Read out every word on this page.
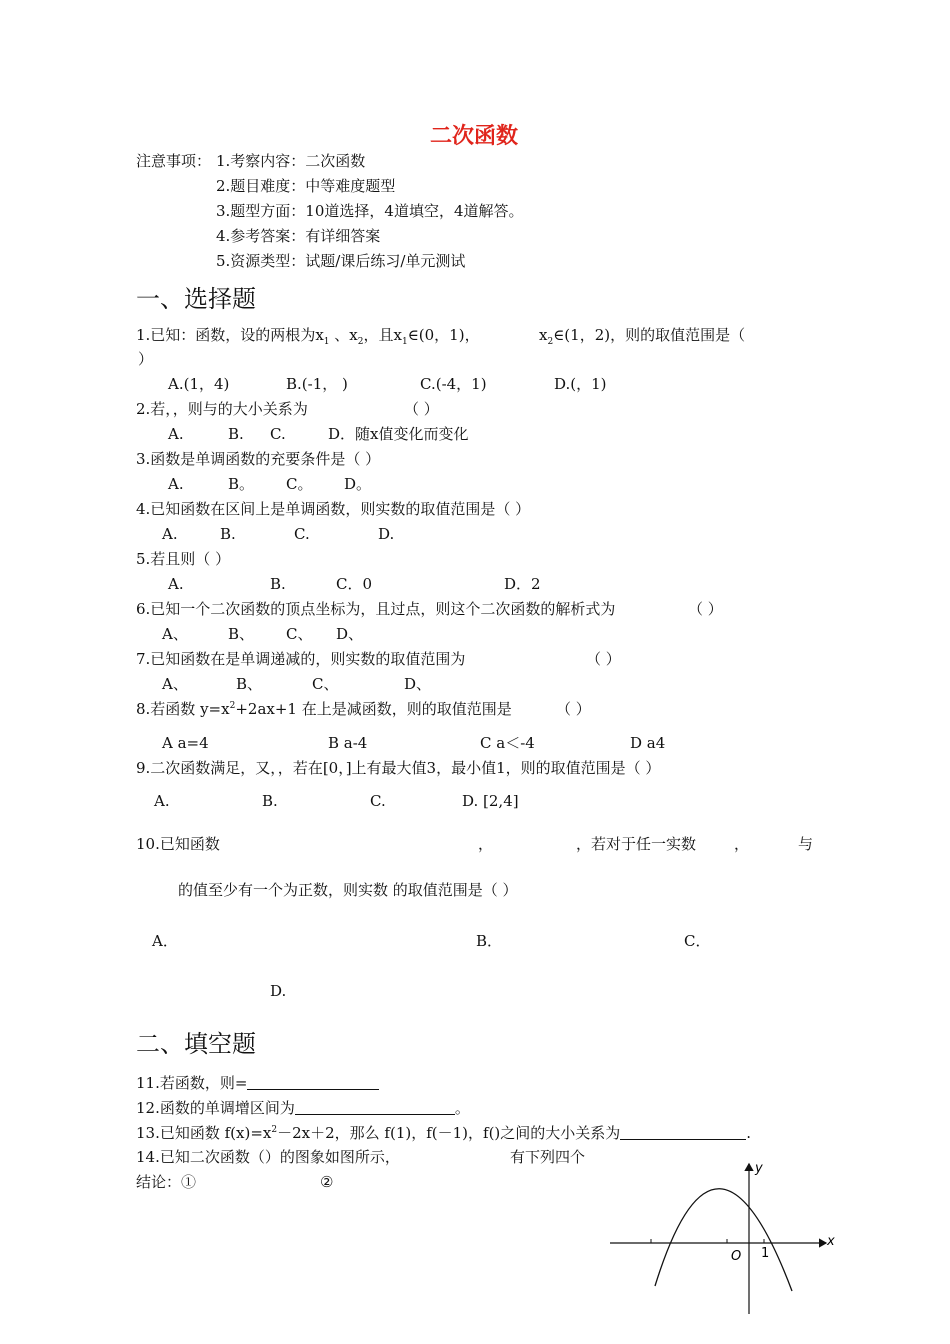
二次函数
注意事项： 1.考察内容：二次函数
2.题目难度：中等难度题型
3.题型方面：10道选择，4道填空，4道解答。
4.参考答案：有详细答案
5.资源类型：试题/课后练习/单元测试
一、选择题
1.已知：函数，设的两根为$x_1$ 、$x_2$，且$x_1\in(0$，1)，	$x_2\in(1$，2)，则的取值范围是（
）
A.(1，4)	B.(-1， )	C.(-4，1)	D.(，1)
2.若，，则与的大小关系为	（ ）
A.	B. C.	D．随x值变化而变化
3.函数是单调函数的充要条件是（ ）
A.	B。 C。 D。
4.已知函数在区间上是单调函数，则实数的取值范围是（ ）
A.	B.	C.	D.
5.若且则（ ）
A.	B.	C．0	D．2
6.已知一个二次函数的顶点坐标为，且过点，则这个二次函数的解析式为	（ ）
A、	B、 C、 D、
7.已知函数在是单调递减的，则实数的取值范围为	（ ）
A、	B、	C、	D、
8.若函数 $y=x^2+2ax+1$ 在上是减函数，则的取值范围是	（ ）
A a=4	B a-4	C a＜-4	D a4
9.二次函数满足，又，，若在[0，]上有最大值3，最小值1，则的取值范围是（ ）
A.	B.	C.	D. [2,4]
10.已知函数	，	，若对于任一实数	，	与
的值至少有一个为正数，则实数 的取值范围是（ ）
A．	B．	C．
D.
二、填空题
11.若函数，则=
12.函数的单调增区间为	。
13.已知函数 $f(x)=x^2-2x+2$，那么 f(1)，f(－1)，f()之间的大小关系为	.
14.已知二次函数（）的图象如图所示，	有下列四个
结论：①	②
x
y
O 1
